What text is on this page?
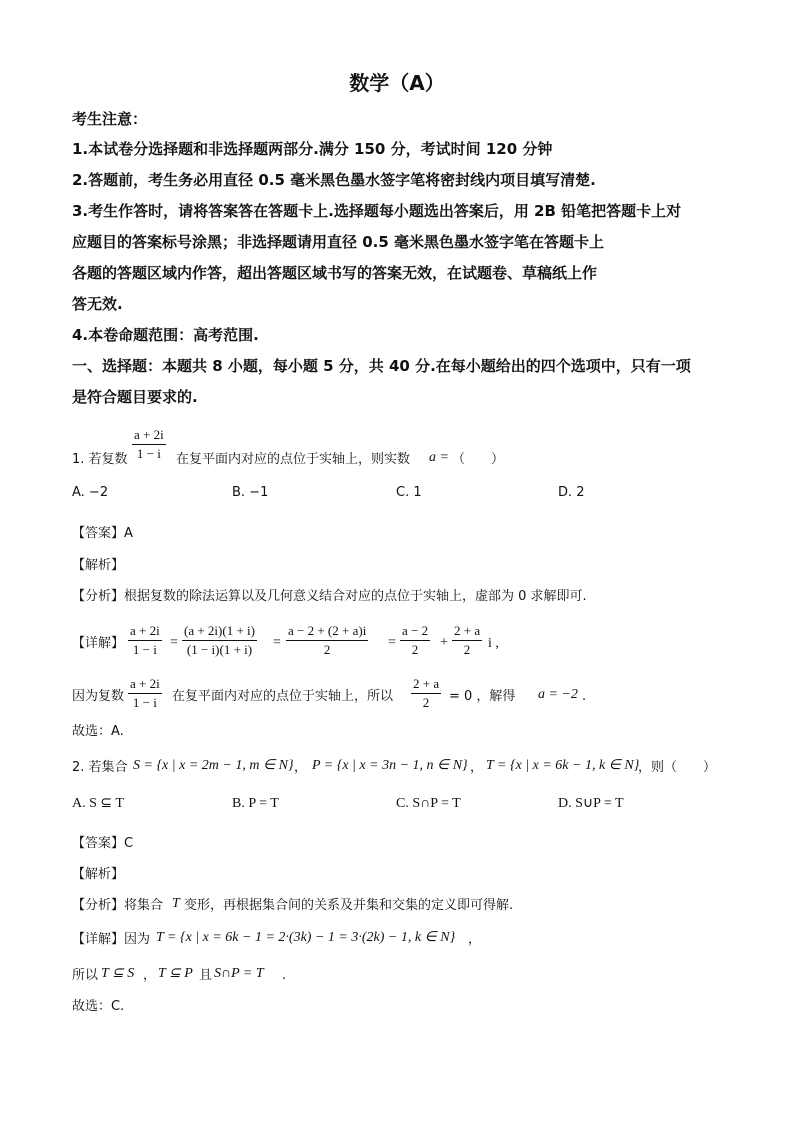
数学（A）
考生注意：
1.本试卷分选择题和非选择题两部分.满分 150 分，考试时间 120 分钟
2.答题前，考生务必用直径 0.5 毫米黑色墨水签字笔将密封线内项目填写清楚.
3.考生作答时，请将答案答在答题卡上.选择题每小题选出答案后，用 2B 铅笔把答题卡上对
应题目的答案标号涂黑；非选择题请用直径 0.5 毫米黑色墨水签字笔在答题卡上
各题的答题区域内作答，超出答题区域书写的答案无效，在试题卷、草稿纸上作
答无效.
4.本卷命题范围：高考范围.
一、选择题：本题共 8 小题，每小题 5 分，共 40 分.在每小题给出的四个选项中，只有一项
是符合题目要求的.
1. 若复数 $\frac{a + 2i}{1 - i}$ 在复平面内对应的点位于实轴上，则实数 a = （　　）
A. −2	B. −1	C. 1	D. 2
【答案】A
【解析】
【分析】根据复数的除法运算以及几何意义结合对应的点位于实轴上，虚部为 0 求解即可.
【详解】 $\frac{a + 2i}{1 - i} = \frac{(a + 2i)(1 + i)}{(1 - i)(1 + i)} = \frac{a - 2 + (2 + a)i}{2} = \frac{a - 2}{2} + \frac{2 + a}{2}$ i ,
因为复数 $\frac{a + 2i}{1 - i}$ 在复平面内对应的点位于实轴上，所以 $\frac{2 + a}{2} = 0$ ，解得 a = −2 .
故选：A.
2. 若集合 S = {x | x = 2m − 1, m ∈ N} ， P = {x | x = 3n − 1, n ∈ N} ， T = {x | x = 6k − 1, k ∈ N}
，则（　　）
A. S ⊆ T	B. P = T	C. S∩P = T	D. S∪P = T
【答案】C
【解析】
【分析】将集合 T 变形，再根据集合间的关系及并集和交集的定义即可得解.
【详解】因为 T = {x | x = 6k − 1 = 2·(3k) − 1 = 3·(2k) − 1, k ∈ N} ，
所以 T ⊆ S ， T ⊆ P 且 S∩P = T .
故选：C.
